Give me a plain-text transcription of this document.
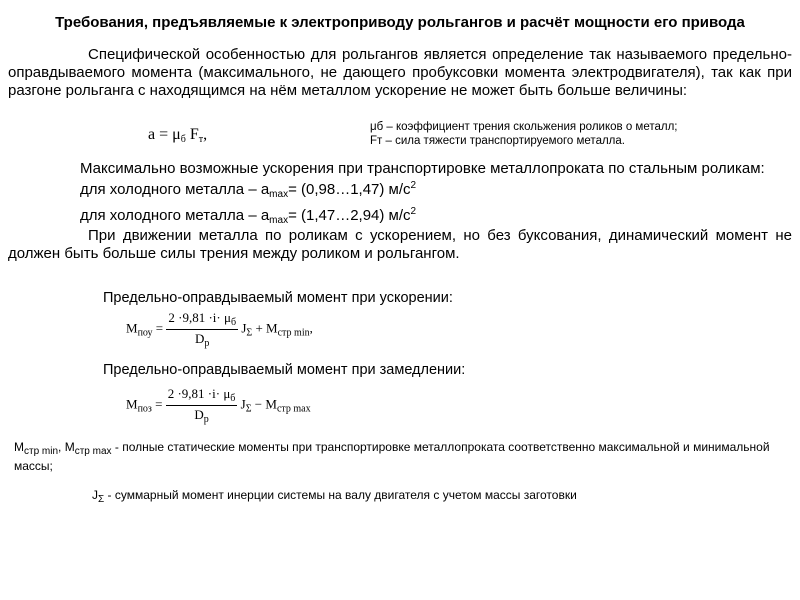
Требования, предъявляемые к электроприводу рольгангов и расчёт мощности его привода
Специфической особенностью для рольгангов является определение так называемого предельно-оправдываемого момента (максимального, не дающего пробуксовки момента электродвигателя), так как при разгоне рольганга с находящимся на нём металлом ускорение не может быть больше величины:
$a = \mu_б$ $F_т$,	μб – коэффициент трения скольжения роликов о металл;
Fт – сила тяжести транспортируемого металла.
Максимально возможные ускорения при транспортировке металлопроката по стальным роликам:
для холодного металла – $a_{max}=$ (0,98…1,47) $м/с^2$
для холодного металла – $a_{max}=$ (1,47…2,94) $м/с^2$
При движении металла по роликам с ускорением, но без буксования, динамический момент не должен быть больше силы трения между роликом и рольгангом.
Предельно-оправдываемый момент при ускорении:
$M_{поу} = \frac{2 \cdot 9,81 \cdot i\cdot \mu_б}{D_p} J_\Sigma + M_{стр min}$,
Предельно-оправдываемый момент при замедлении:
$M_{поз} = \frac{2 \cdot 9,81 \cdot i\cdot \mu_б}{D_p} J_\Sigma - M_{стр max}$
$M_{стр min}$, $M_{стр max}$ - полные статические моменты при транспортировке металлопроката соответственно максимальной и минимальной массы;
$J_\Sigma$ - суммарный момент инерции системы на валу двигателя с учетом массы заготовки
